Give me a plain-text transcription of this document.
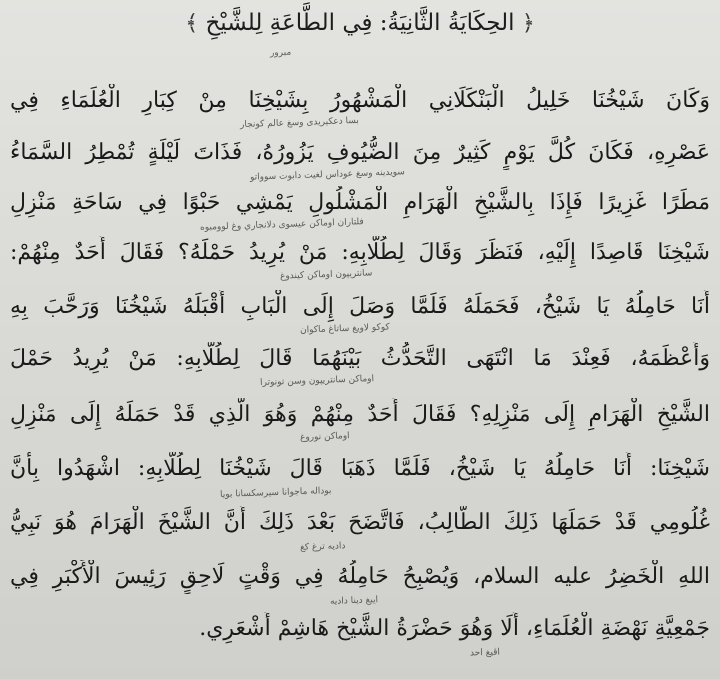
﴿ الحِكَايَةُ الثَّانِيَةُ: فِي الطَّاعَةِ لِلشَّيْخِ ﴾
مبرور
وَكَانَ شَيْخُنَا خَلِيلُ الْبَنْكَلَانِي الْمَشْهُورُ بِشَيْخِنَا مِنْ كِبَارِ الْعُلَمَاءِ فِي
بسا دعکیریدی وسغ عالم کونجار
عَصْرِهِ، فَكَانَ كُلَّ يَوْمٍ كَثِيرٌ مِنَ الضُّيُوفِ يَزُورُهُ، فَذَاتَ لَيْلَةٍ تُمْطِرُ السَّمَاءُ
سويدینه وسغ عوداس لغيت دابوت سوواتو
مَطَرًا غَزِيرًا فَإِذَا بِالشَّيْخِ الْهَرَامِ الْمَشْلُولِ يَمْشِي حَبْوًا فِي سَاحَةِ مَنْزِلِ
فلتاران اوماكن عیسوی دلانجاري وغ لوومبوه
شَيْخِنَا قَاصِدًا إِلَيْهِ، فَنَظَرَ وَقَالَ لِطُلَّابِهِ: مَنْ يُرِيدُ حَمْلَهُ؟ فَقَالَ أَحَدٌ مِنْهُمْ:
سانتريپون اوماكن كيندوغ
أَنَا حَامِلُهُ يَا شَيْخُ، فَحَمَلَهُ فَلَمَّا وَصَلَ إِلَى الْبَابِ أَقْبَلَهُ شَيْخُنَا وَرَحَّبَ بِهِ
كوكو لاويغ ساتاغ ماكوان
وَأَعْظَمَهُ، فَعِنْدَ مَا انْتَهَى التَّحَدُّثُ بَيْنَهُمَا قَالَ لِطُلَّابِهِ: مَنْ يُرِيدُ حَمْلَ
اوماكن سانتريپون وسن تونوترا
الشَّيْخِ الْهَرَامِ إِلَى مَنْزِلِهِ؟ فَقَالَ أَحَدٌ مِنْهُمْ وَهُوَ الَّذِي قَدْ حَمَلَهُ إِلَى مَنْزِلِ
اوماكن نوروغ
شَيْخِنَا: أَنَا حَامِلُهُ يَا شَيْخُ، فَلَمَّا ذَهَبَا قَالَ شَيْخُنَا لِطُلَّابِهِ: اشْهَدُوا بِأَنَّ
بوداله ماجوانا سيرسكسانا بويا
غُلُومِي قَدْ حَمَلَهَا ذَلِكَ الطَّالِبُ، فَاتَّضَحَ بَعْدَ ذَلِكَ أَنَّ الشَّيْخَ الْهَرَامَ هُوَ نَبِيُّ
داديه ترغ كغ
اللهِ الْخَضِرُ عليه السلام، وَيُصْبِحُ حَامِلُهُ فِي وَقْتٍ لَاحِقٍ رَئِيسَ الْأَكْبَرِ فِي
ايبغ دينا داديه
جَمْعِيَّةِ نَهْضَةِ الْعُلَمَاءِ، أَلَا وَهُوَ حَضْرَةُ الشَّيْخ هَاشِمْ أَشْعَرِي.
اڤيغ احد
